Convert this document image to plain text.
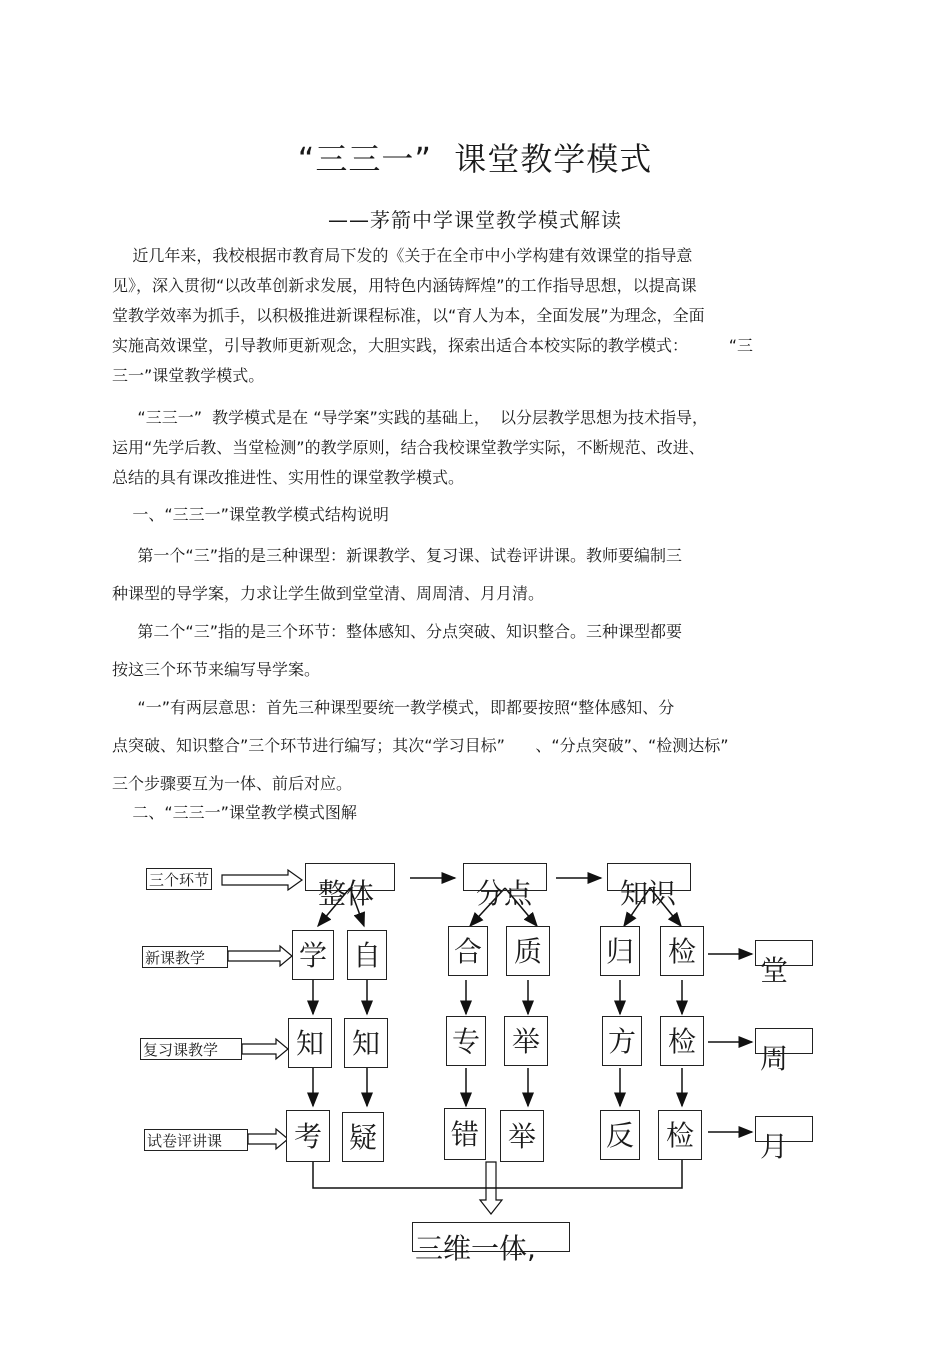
“三三一”  课堂教学模式
——茅箭中学课堂教学模式解读

近几年来，我校根据市教育局下发的《关于在全市中小学构建有效课堂的指导意
见》，深入贯彻“以改革创新求发展，用特色内涵铸辉煌”的工作指导思想，以提高课
堂教学效率为抓手，以积极推进新课程标准，以“育人为本，全面发展”为理念，全面
实施高效课堂，引导教师更新观念，大胆实践，探索出适合本校实际的教学模式：        “三
三一”课堂教学模式。

“三三一”  教学模式是在 “导学案”实践的基础上，  以分层教学思想为技术指导，
运用“先学后教、当堂检测”的教学原则，结合我校课堂教学实际，不断规范、改进、
总结的具有课改推进性、实用性的课堂教学模式。

一、“三三一”课堂教学模式结构说明

第一个“三”指的是三种课型：新课教学、复习课、试卷评讲课。教师要编制三
种课型的导学案，力求让学生做到堂堂清、周周清、月月清。

第二个“三”指的是三个环节：整体感知、分点突破、知识整合。三种课型都要
按这三个环节来编写导学案。

“一”有两层意思：首先三种课型要统一教学模式，即都要按照“整体感知、分
点突破、知识整合”三个环节进行编写；其次“学习目标”      、“分点突破”、“检测达标”
三个步骤要互为一体、前后对应。

二、“三三一”课堂教学模式图解

三个环节
新课教学
复习课教学
试卷评讲课
整体	分点	知识
学 自	合 质 归 检
知 知	专 举 方 检
考 疑	错 举 反 检
堂
周
月
三维一体,
